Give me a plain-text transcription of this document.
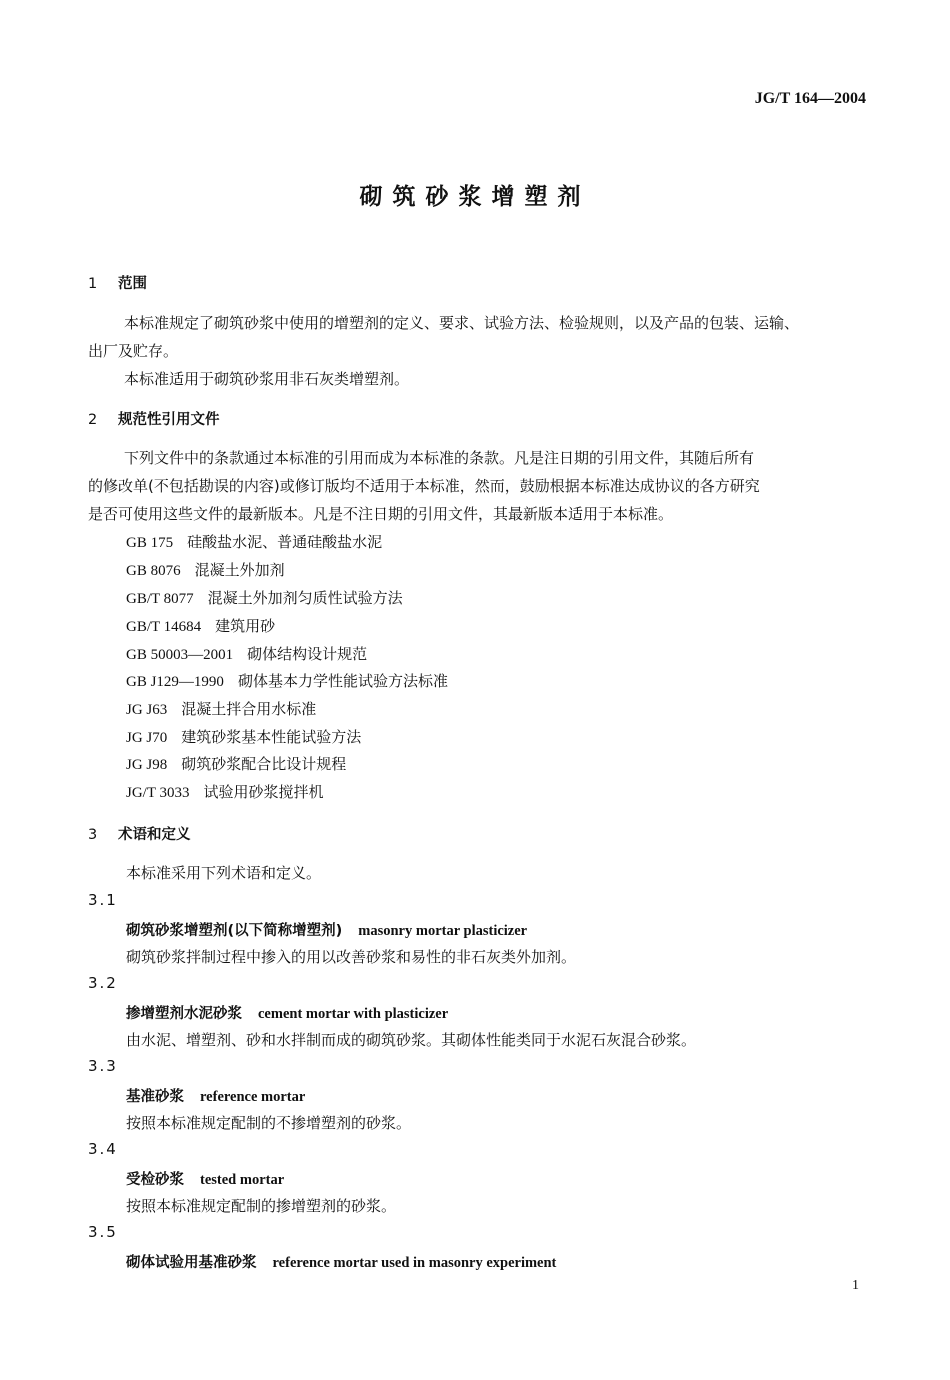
JG/T 164—2004
砌筑砂浆增塑剂
1 范围
本标准规定了砌筑砂浆中使用的增塑剂的定义、要求、试验方法、检验规则，以及产品的包装、运输、
出厂及贮存。
本标准适用于砌筑砂浆用非石灰类增塑剂。
2 规范性引用文件
下列文件中的条款通过本标准的引用而成为本标准的条款。凡是注日期的引用文件，其随后所有
的修改单(不包括勘误的内容)或修订版均不适用于本标准，然而，鼓励根据本标准达成协议的各方研究
是否可使用这些文件的最新版本。凡是不注日期的引用文件，其最新版本适用于本标准。
GB 175 硅酸盐水泥、普通硅酸盐水泥
GB 8076 混凝土外加剂
GB/T 8077 混凝土外加剂匀质性试验方法
GB/T 14684 建筑用砂
GB 50003—2001 砌体结构设计规范
GB J129—1990 砌体基本力学性能试验方法标准
JG J63 混凝土拌合用水标准
JG J70 建筑砂浆基本性能试验方法
JG J98 砌筑砂浆配合比设计规程
JG/T 3033 试验用砂浆搅拌机
3 术语和定义
本标准采用下列术语和定义。
3.1
砌筑砂浆增塑剂(以下简称增塑剂) masonry mortar plasticizer
砌筑砂浆拌制过程中掺入的用以改善砂浆和易性的非石灰类外加剂。
3.2
掺增塑剂水泥砂浆 cement mortar with plasticizer
由水泥、增塑剂、砂和水拌制而成的砌筑砂浆。其砌体性能类同于水泥石灰混合砂浆。
3.3
基准砂浆 reference mortar
按照本标准规定配制的不掺增塑剂的砂浆。
3.4
受检砂浆 tested mortar
按照本标准规定配制的掺增塑剂的砂浆。
3.5
砌体试验用基准砂浆 reference mortar used in masonry experiment
1
